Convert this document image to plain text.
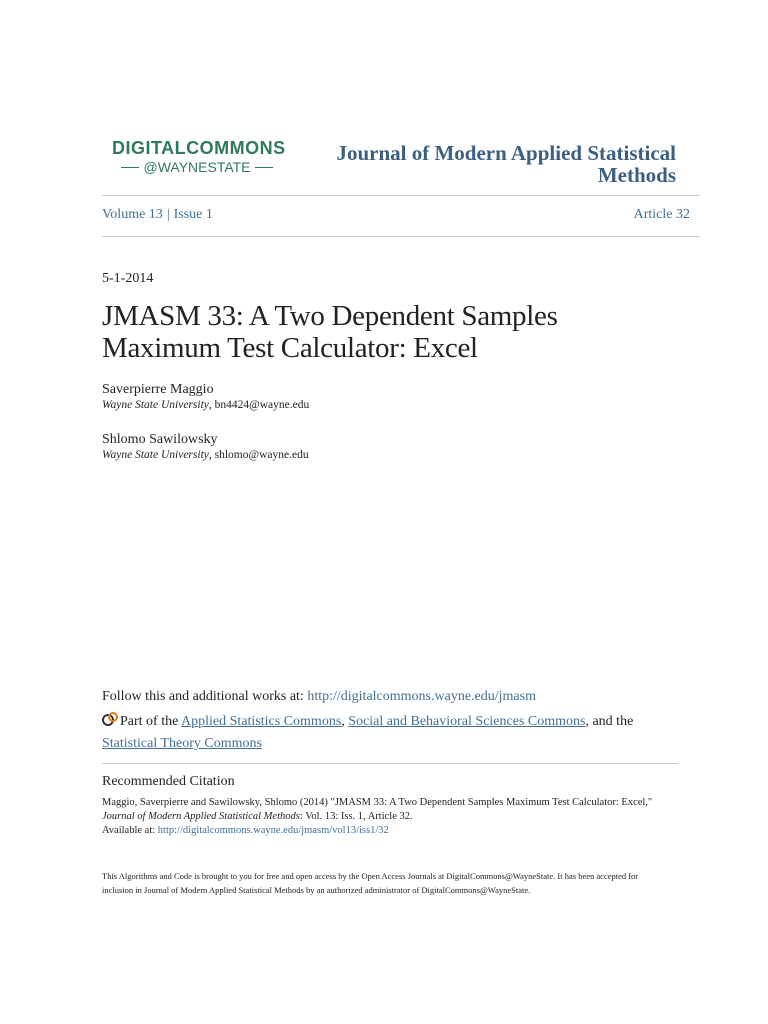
DIGITALCOMMONS
@WAYNESTATE
Journal of Modern Applied Statistical
Methods
Volume 13 | Issue 1	Article 32
5-1-2014
JMASM 33: A Two Dependent Samples
Maximum Test Calculator: Excel
Saverpierre Maggio
Wayne State University, bn4424@wayne.edu
Shlomo Sawilowsky
Wayne State University, shlomo@wayne.edu
Follow this and additional works at: http://digitalcommons.wayne.edu/jmasm
Part of the Applied Statistics Commons, Social and Behavioral Sciences Commons, and the
Statistical Theory Commons
Recommended Citation
Maggio, Saverpierre and Sawilowsky, Shlomo (2014) "JMASM 33: A Two Dependent Samples Maximum Test Calculator: Excel,"
Journal of Modern Applied Statistical Methods: Vol. 13: Iss. 1, Article 32.
Available at: http://digitalcommons.wayne.edu/jmasm/vol13/iss1/32
This Algorithms and Code is brought to you for free and open access by the Open Access Journals at DigitalCommons@WayneState. It has been accepted for inclusion in Journal of Modern Applied Statistical Methods by an authorized administrator of DigitalCommons@WayneState.
